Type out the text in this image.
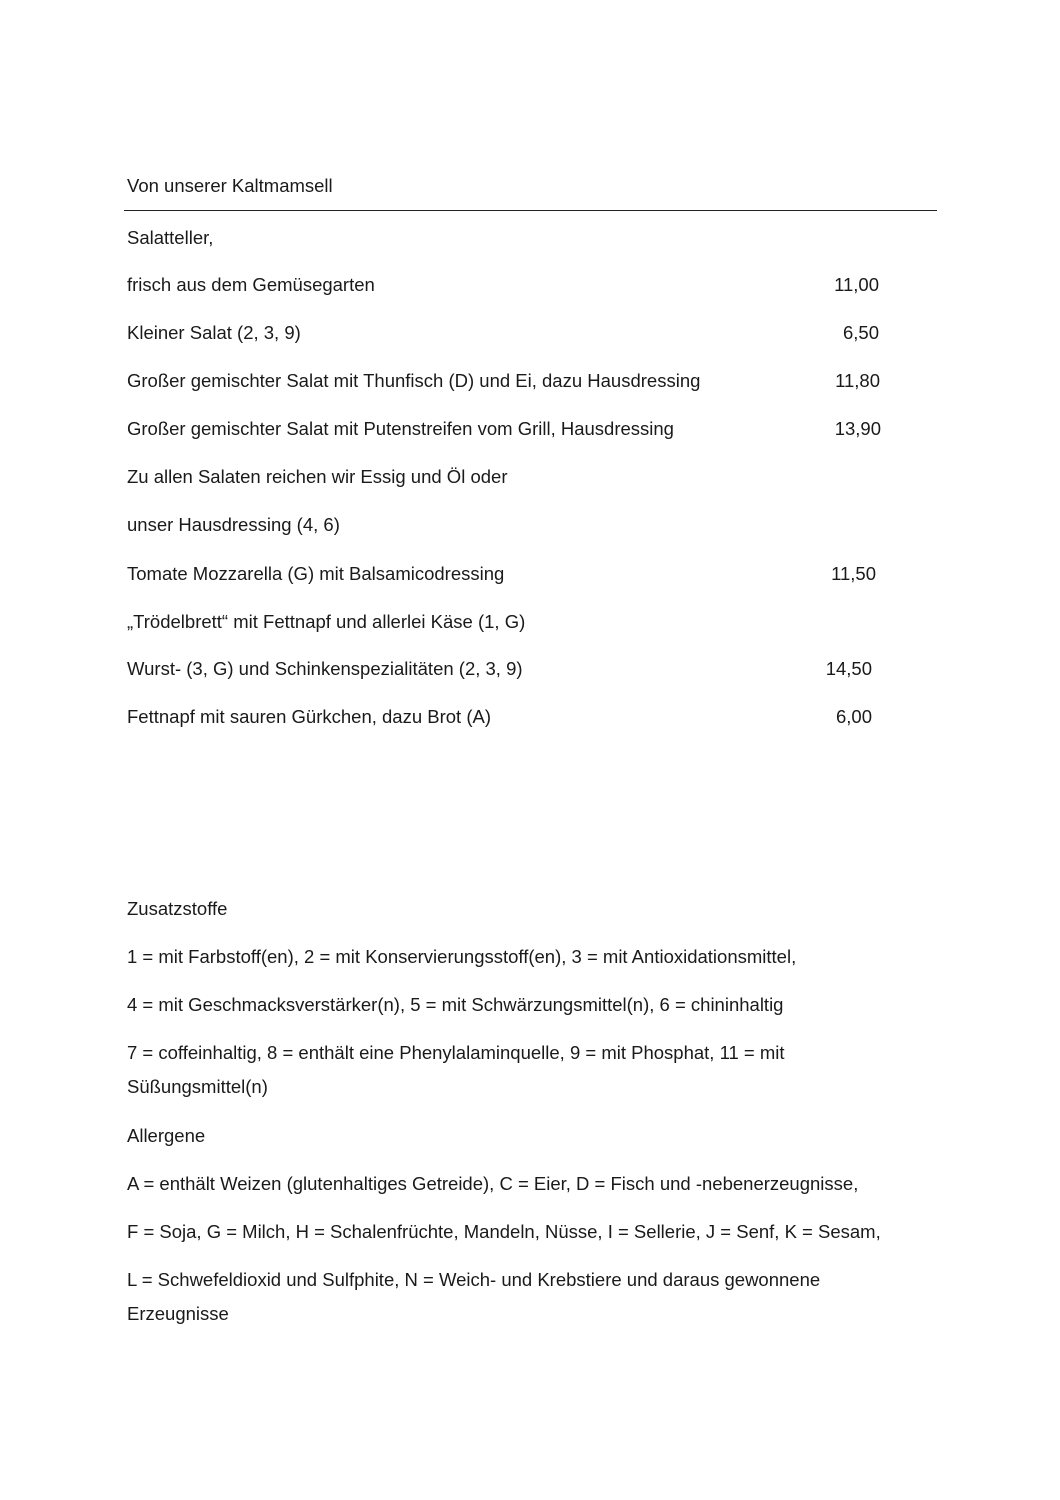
Von unserer Kaltmamsell
Salatteller,
frisch aus dem Gemüsegarten	11,00
Kleiner Salat (2, 3, 9)	6,50
Großer gemischter Salat mit Thunfisch (D) und Ei, dazu Hausdressing	11,80
Großer gemischter Salat mit Putenstreifen vom Grill, Hausdressing	13,90
Zu allen Salaten reichen wir Essig und Öl oder
unser Hausdressing (4, 6)
Tomate Mozzarella (G) mit Balsamicodressing	11,50
„Trödelbrett“ mit Fettnapf und allerlei Käse (1, G)
Wurst- (3, G) und Schinkenspezialitäten (2, 3, 9)	14,50
Fettnapf mit sauren Gürkchen, dazu Brot (A)	6,00
Zusatzstoffe
1 = mit Farbstoff(en), 2 = mit Konservierungsstoff(en), 3 = mit Antioxidationsmittel,
4 = mit Geschmacksverstärker(n), 5 = mit Schwärzungsmittel(n), 6 = chininhaltig
7 = coffeinhaltig, 8 = enthält eine Phenylalaminquelle, 9 = mit Phosphat, 11 = mit
Süßungsmittel(n)
Allergene
A = enthält Weizen (glutenhaltiges Getreide), C = Eier, D = Fisch und -nebenerzeugnisse,
F = Soja, G = Milch, H = Schalenfrüchte, Mandeln, Nüsse, I = Sellerie, J = Senf, K = Sesam,
L = Schwefeldioxid und Sulfphite, N = Weich- und Krebstiere und daraus gewonnene
Erzeugnisse
